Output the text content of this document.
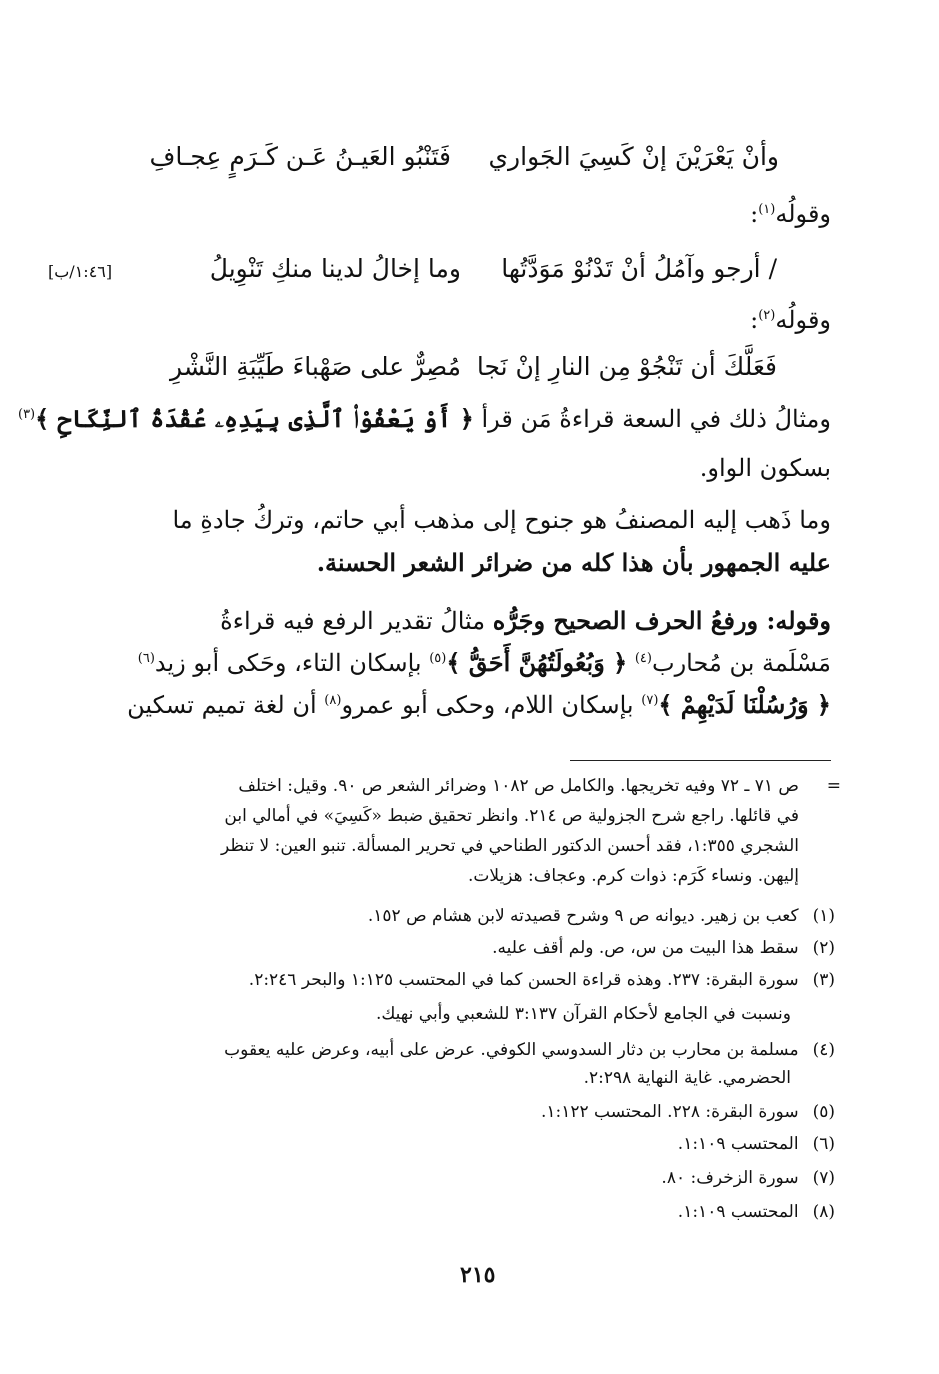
وأنْ يَعْرَيْنَ إنْ كَسِيَ الجَواري
فَتَنْبُو العَيـنُ عَـن كَـرَمٍ عِجـافِ
وقولُه$^{(١)}$:
/ أرجو وآمُلُ أنْ تَدْنُوْ مَوَدَّتُها
وما إخالُ لدينا منكِ تَنْوِيلُ
[١:٤٦/ب]
وقولُه$^{(٢)}$:
فَعَلَّكَ أن تَنْجُوْ مِن النارِ إنْ نَجا
مُصِرٌّ على صَهْباءَ طَيِّبَةِ النَّشْرِ
ومثالُ ذلك في السعة قراءةُ مَن قرأ ﴿ أَوْ يَعْفُوْا۟ ٱلَّذِى بِيَدِهِۦ عُقْدَةُ ٱلنِّكَاحِ ﴾$^{(٣)}$
بسكون الواو.
وما ذَهب إليه المصنفُ هو جنوح إلى مذهب أبي حاتم، وتركُ جادةِ ما
عليه الجمهور بأن هذا كله من ضرائر الشعر الحسنة.
وقوله: ورفعُ الحرف الصحيح وجَرُّه مثالُ تقدير الرفع فيه قراءةُ
مَسْلَمة بن مُحارب$^{(٤)}$ ﴿ وَبُعُولَتُهُنَّ أَحَقُّ ﴾$^{(٥)}$ بإسكان التاء، وحَكى أبو زيد$^{(٦)}$
﴿ وَرُسُلْنَا لَدَيْهِمْ ﴾$^{(٧)}$ بإسكان اللام، وحكى أبو عمرو$^{(٨)}$ أن لغة تميم تسكين
=
ص ٧١ ـ ٧٢ وفيه تخريجها. والكامل ص ١٠٨٢ وضرائر الشعر ص ٩٠. وقيل: اختلف
في قائلها. راجع شرح الجزولية ص ٢١٤. وانظر تحقيق ضبط «كَسِيَ» في أمالي ابن
الشجري ١:٣٥٥، فقد أحسن الدكتور الطناحي في تحرير المسألة. تنبو العين: لا تنظر
إليهن. ونساء كَرَم: ذوات كرم. وعجاف: هزيلات.
(١)كعب بن زهير. ديوانه ص ٩ وشرح قصيدته لابن هشام ص ١٥٢.
(٢)سقط هذا البيت من س، ص. ولم أقف عليه.
(٣)سورة البقرة: ٢٣٧. وهذه قراءة الحسن كما في المحتسب ١:١٢٥ والبحر ٢:٢٤٦.
ونسبت في الجامع لأحكام القرآن ٣:١٣٧ للشعبي وأبي نهيك.
(٤)مسلمة بن محارب بن دثار السدوسي الكوفي. عرض على أبيه، وعرض عليه يعقوب
الحضرمي. غاية النهاية ٢:٢٩٨.
(٥)سورة البقرة: ٢٢٨. المحتسب ١:١٢٢.
(٦)المحتسب ١:١٠٩.
(٧)سورة الزخرف: ٨٠.
(٨)المحتسب ١:١٠٩.
٢١٥
